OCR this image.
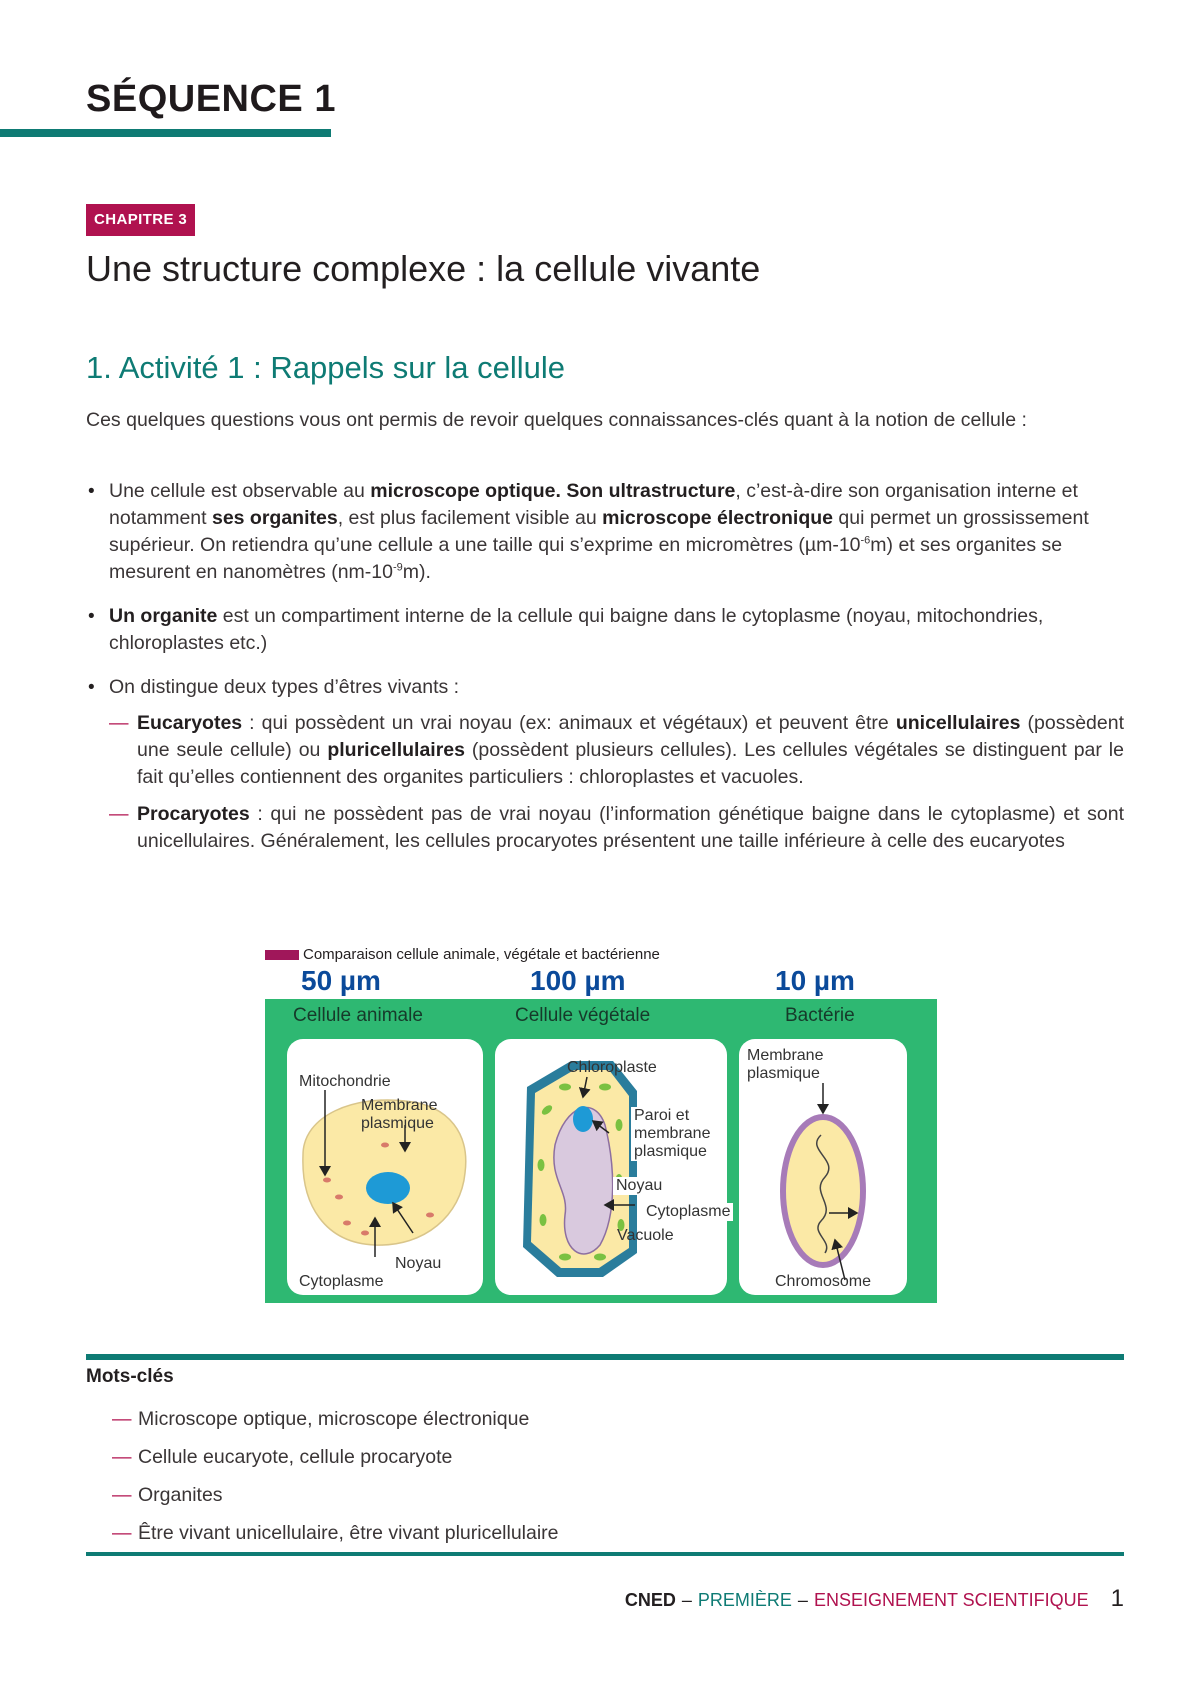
SÉQUENCE 1
CHAPITRE 3
Une structure complexe : la cellule vivante
1. Activité 1 : Rappels sur la cellule

Ces quelques questions vous ont permis de revoir quelques connaissances-clés quant à la notion de cellule :

• Une cellule est observable au microscope optique. Son ultrastructure, c’est-à-dire son organisation interne et notamment ses organites, est plus facilement visible au microscope électronique qui permet un grossissement supérieur. On retiendra qu’une cellule a une taille qui s’exprime en micromètres $(\mu m-10^{-6}m)$ et ses organites se mesurent en nanomètres $(nm-10^{-9}m)$.
• Un organite est un compartiment interne de la cellule qui baigne dans le cytoplasme (noyau, mitochondries, chloroplastes etc.)
• On distingue deux types d’êtres vivants :
— Eucaryotes : qui possèdent un vrai noyau (ex: animaux et végétaux) et peuvent être unicellulaires (possèdent une seule cellule) ou pluricellulaires (possèdent plusieurs cellules). Les cellules végétales se distinguent par le fait qu’elles contiennent des organites particuliers : chloroplastes et vacuoles.
— Procaryotes : qui ne possèdent pas de vrai noyau (l’information génétique baigne dans le cytoplasme) et sont unicellulaires. Généralement, les cellules procaryotes présentent une taille inférieure à celle des eucaryotes
Comparaison cellule animale, végétale et bactérienne
50 µm	100 µm	10 µm
Cellule animale	Cellule végétale	Bactérie
Mitochondrie
Membrane
plasmique
Noyau
Cytoplasme
Chloroplaste
Paroi et
membrane
plasmique
Noyau
Cytoplasme
Vacuole
Membrane
plasmique
Chromosome
Mots-clés
— Microscope optique, microscope électronique
— Cellule eucaryote, cellule procaryote
— Organites
— Être vivant unicellulaire, être vivant pluricellulaire
CNED – PREMIÈRE – ENSEIGNEMENT SCIENTIFIQUE 1
